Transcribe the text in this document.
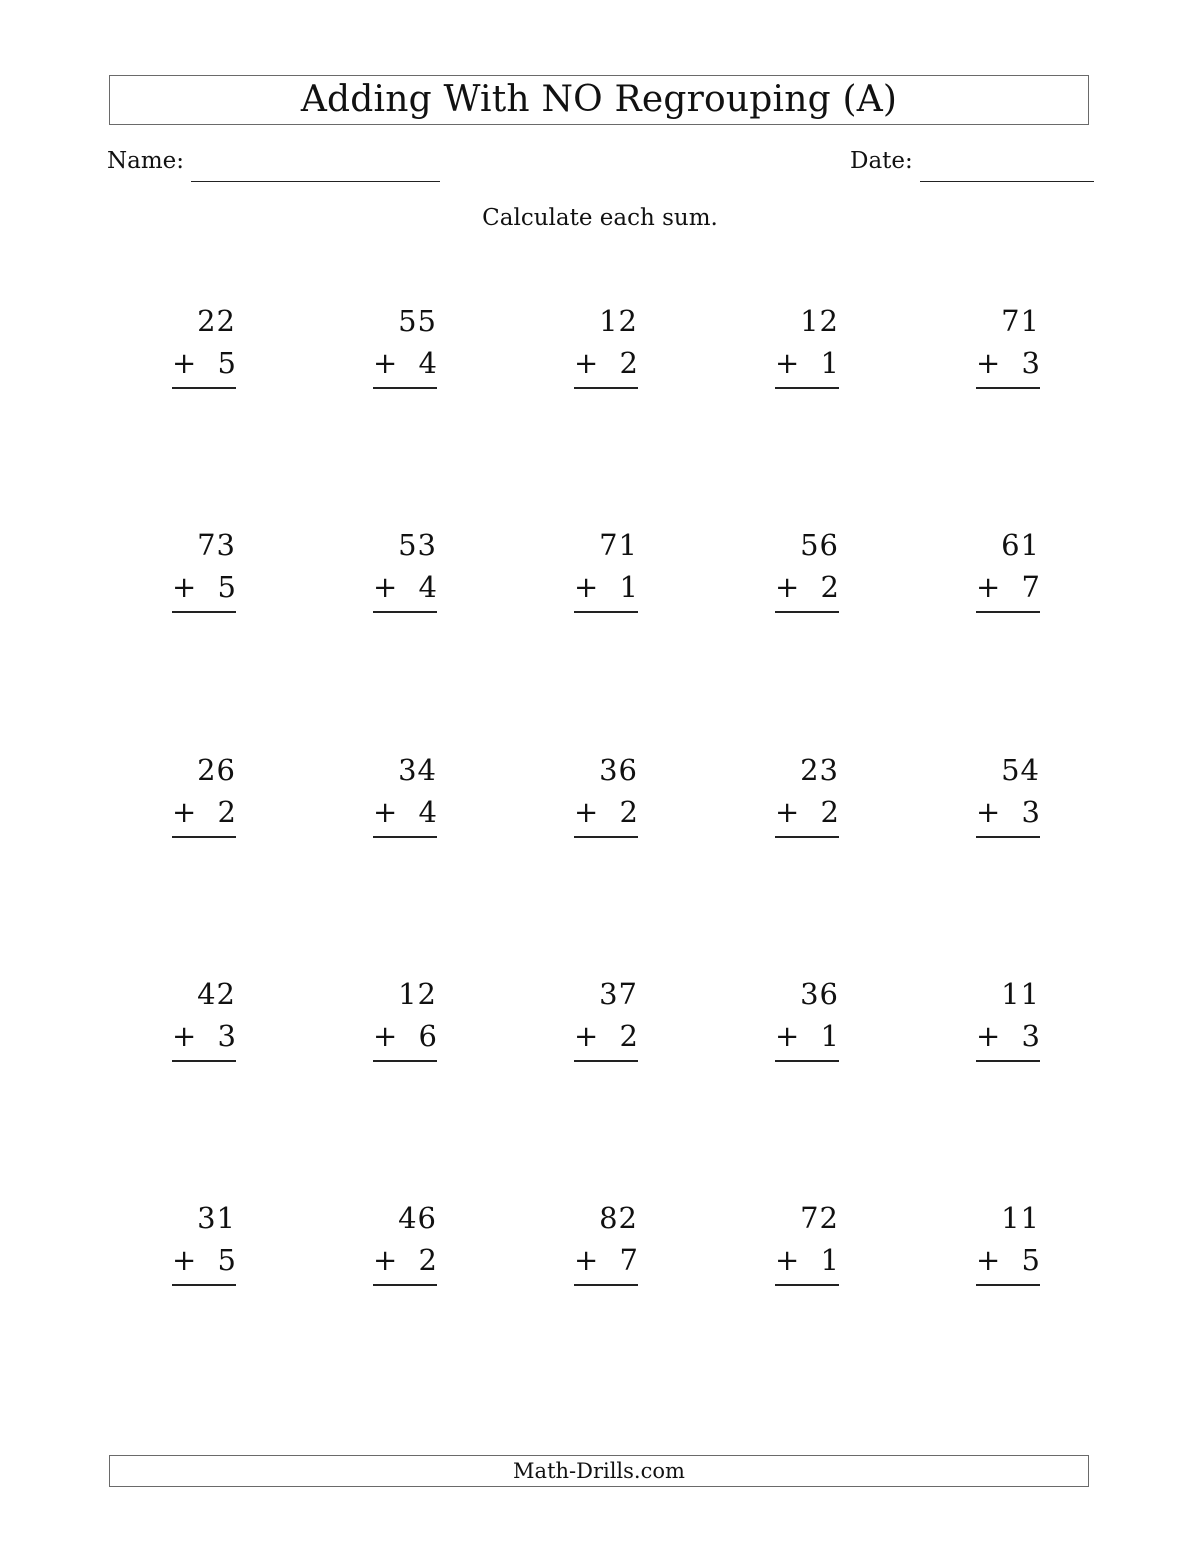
Adding With NO Regrouping (A)
Name:	Date:
Calculate each sum.
22
+ 5
55
+ 4
12
+ 2
12
+ 1
71
+ 3
73
+ 5
53
+ 4
71
+ 1
56
+ 2
61
+ 7
26
+ 2
34
+ 4
36
+ 2
23
+ 2
54
+ 3
42
+ 3
12
+ 6
37
+ 2
36
+ 1
11
+ 3
31
+ 5
46
+ 2
82
+ 7
72
+ 1
11
+ 5
Math-Drills.com
